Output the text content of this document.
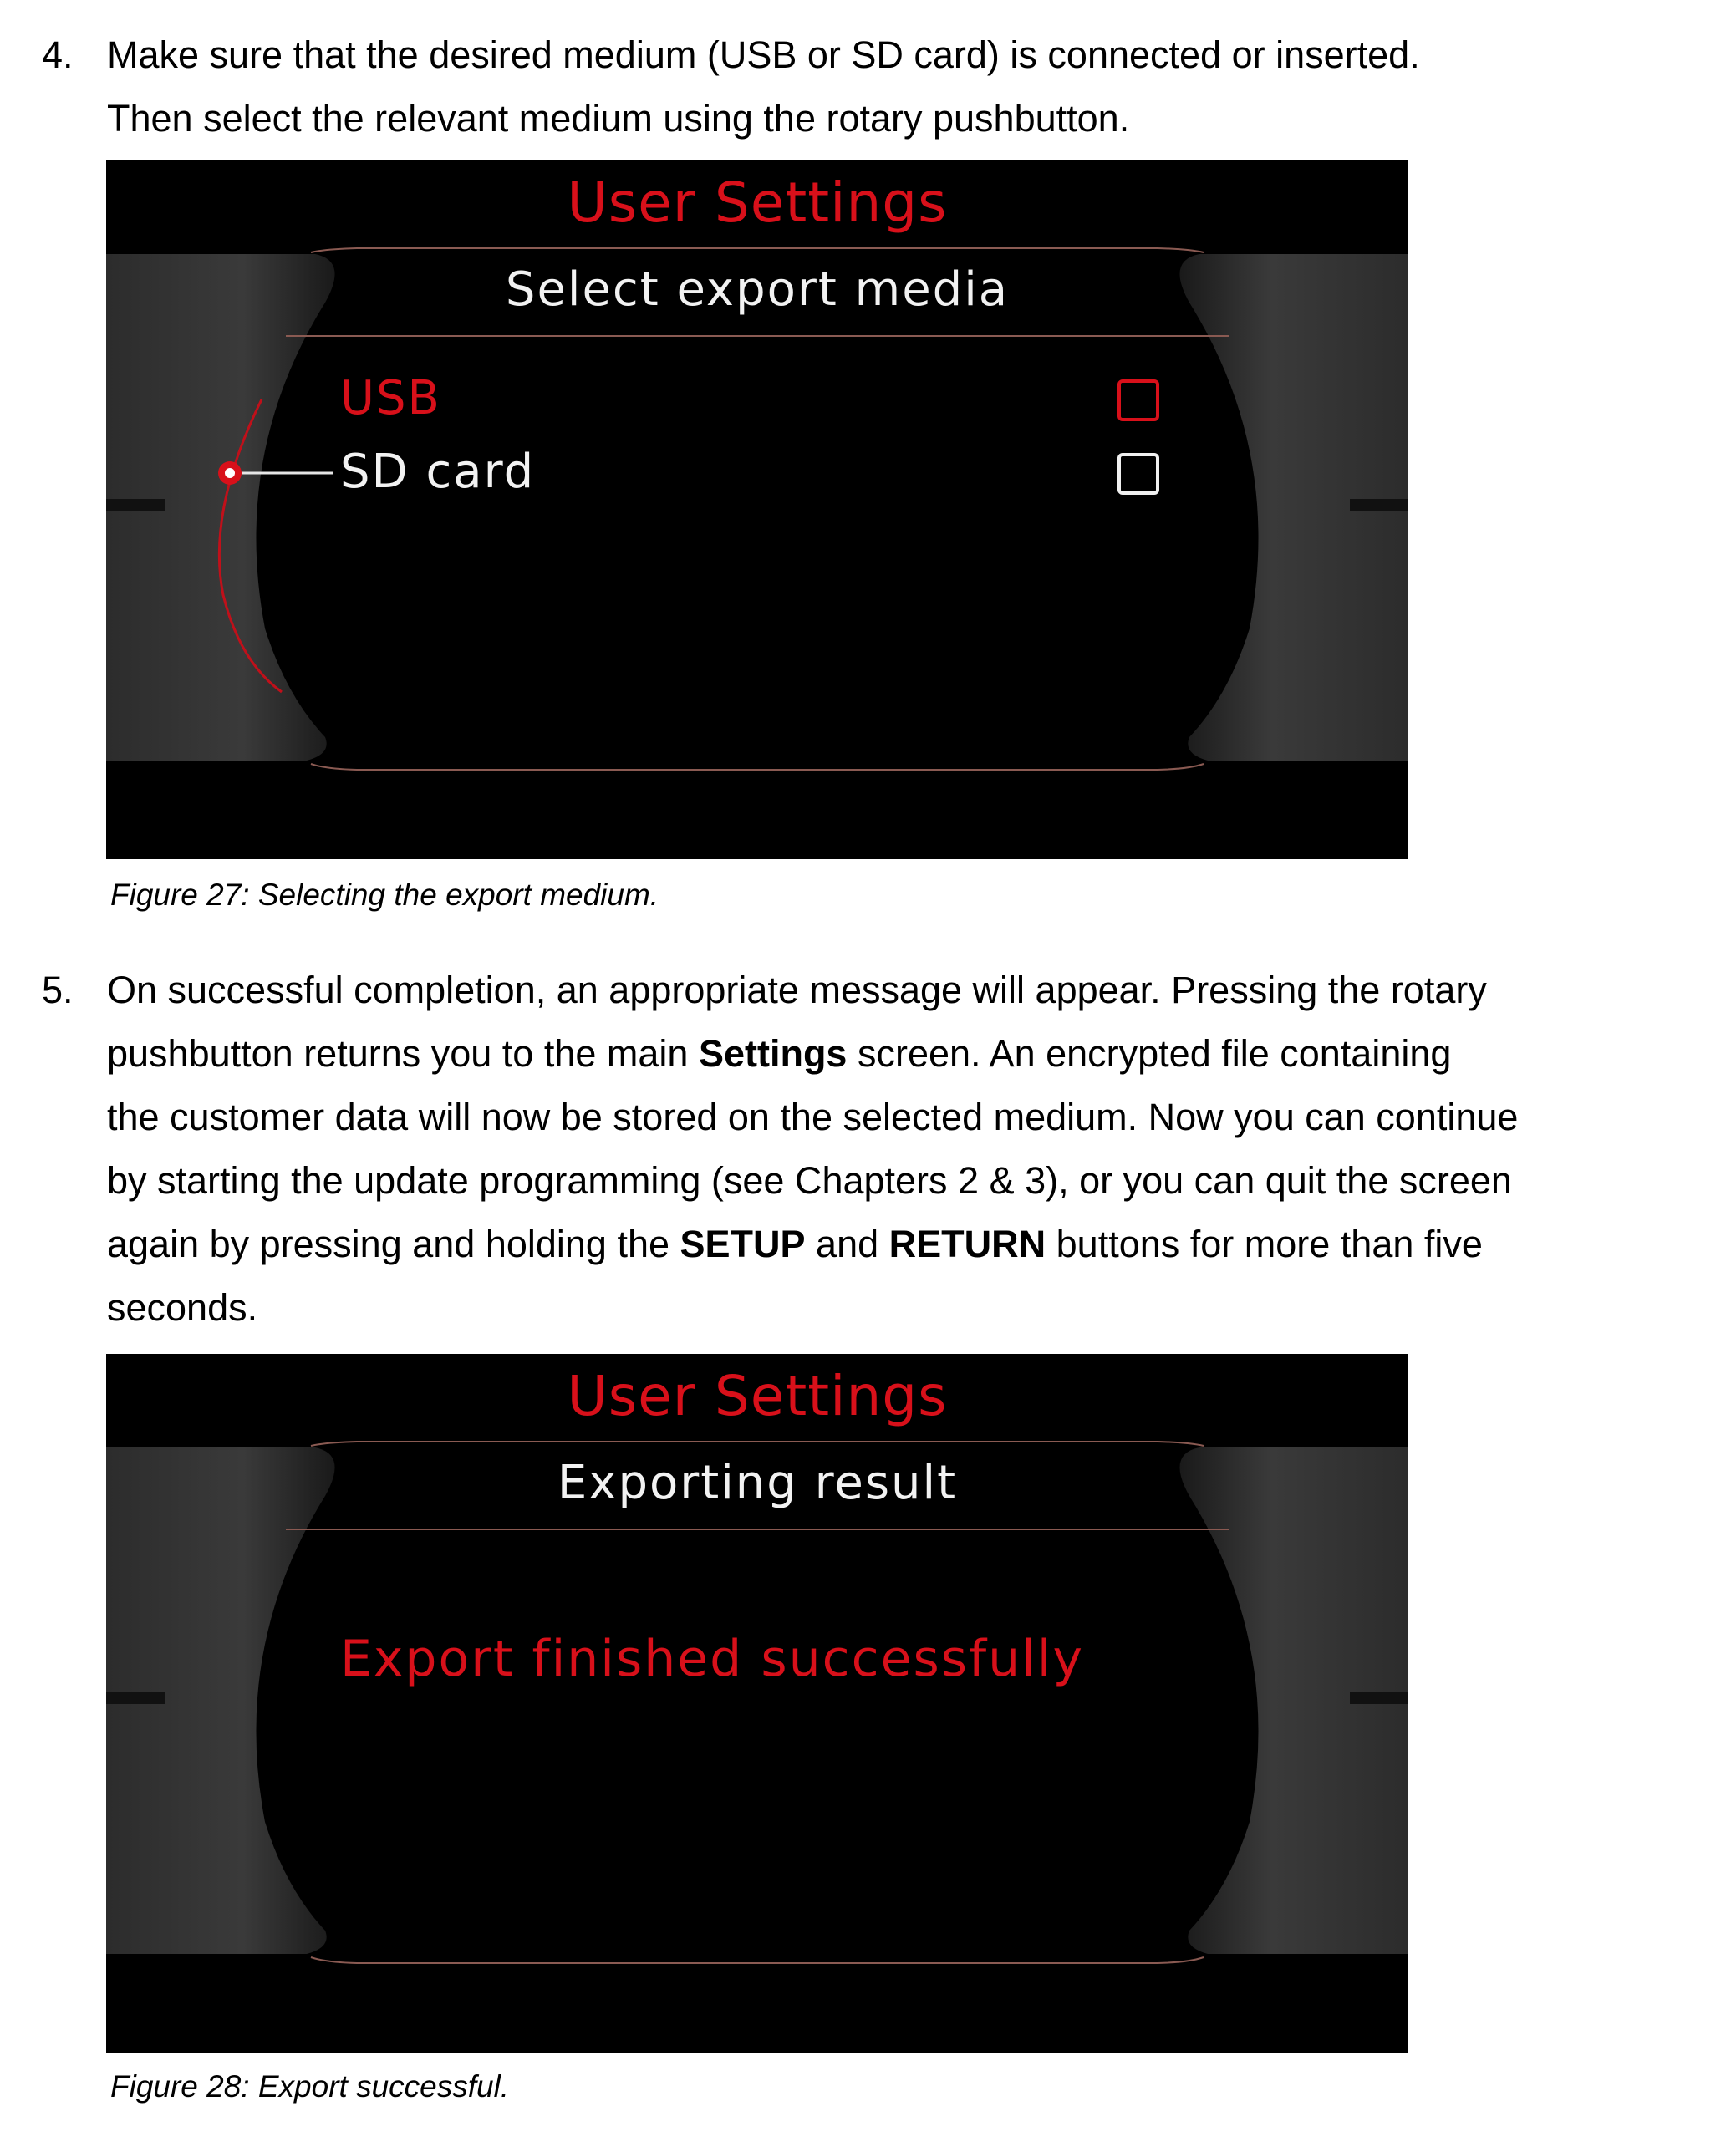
4. Make sure that the desired medium (USB or SD card) is connected or inserted.
Then select the relevant medium using the rotary pushbutton.
User Settings
Select export media
USB
SD card
Figure 27: Selecting the export medium.
5. On successful completion, an appropriate message will appear. Pressing the rotary
pushbutton returns you to the main Settings screen. An encrypted file containing
the customer data will now be stored on the selected medium. Now you can continue
by starting the update programming (see Chapters 2 & 3), or you can quit the screen
again by pressing and holding the SETUP and RETURN buttons for more than five
seconds.
User Settings
Exporting result
Export finished successfully
Figure 28: Export successful.
